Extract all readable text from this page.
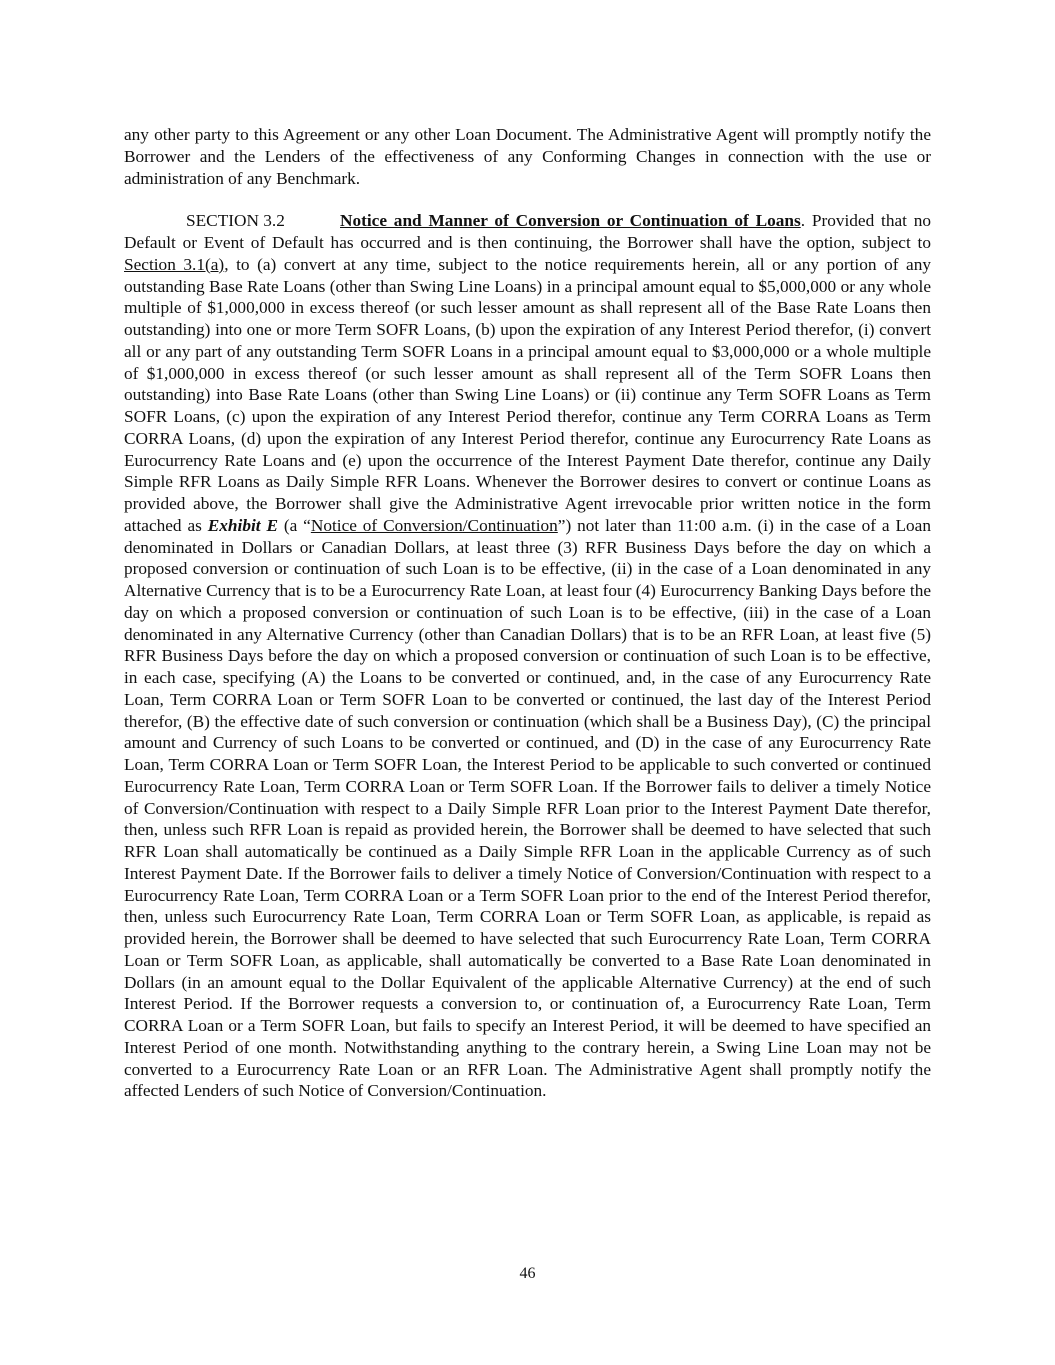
any other party to this Agreement or any other Loan Document. The Administrative Agent will promptly notify the Borrower and the Lenders of the effectiveness of any Conforming Changes in connection with the use or administration of any Benchmark.

SECTION 3.2	Notice and Manner of Conversion or Continuation of Loans. Provided that no Default or Event of Default has occurred and is then continuing, the Borrower shall have the option, subject to Section 3.1(a), to (a) convert at any time, subject to the notice requirements herein, all or any portion of any outstanding Base Rate Loans (other than Swing Line Loans) in a principal amount equal to $5,000,000 or any whole multiple of $1,000,000 in excess thereof (or such lesser amount as shall represent all of the Base Rate Loans then outstanding) into one or more Term SOFR Loans, (b) upon the expiration of any Interest Period therefor, (i) convert all or any part of any outstanding Term SOFR Loans in a principal amount equal to $3,000,000 or a whole multiple of $1,000,000 in excess thereof (or such lesser amount as shall represent all of the Term SOFR Loans then outstanding) into Base Rate Loans (other than Swing Line Loans) or (ii) continue any Term SOFR Loans as Term SOFR Loans, (c) upon the expiration of any Interest Period therefor, continue any Term CORRA Loans as Term CORRA Loans, (d) upon the expiration of any Interest Period therefor, continue any Eurocurrency Rate Loans as Eurocurrency Rate Loans and (e) upon the occurrence of the Interest Payment Date therefor, continue any Daily Simple RFR Loans as Daily Simple RFR Loans. Whenever the Borrower desires to convert or continue Loans as provided above, the Borrower shall give the Administrative Agent irrevocable prior written notice in the form attached as Exhibit E (a “Notice of Conversion/Continuation”) not later than 11:00 a.m. (i) in the case of a Loan denominated in Dollars or Canadian Dollars, at least three (3) RFR Business Days before the day on which a proposed conversion or continuation of such Loan is to be effective, (ii) in the case of a Loan denominated in any Alternative Currency that is to be a Eurocurrency Rate Loan, at least four (4) Eurocurrency Banking Days before the day on which a proposed conversion or continuation of such Loan is to be effective, (iii) in the case of a Loan denominated in any Alternative Currency (other than Canadian Dollars) that is to be an RFR Loan, at least five (5) RFR Business Days before the day on which a proposed conversion or continuation of such Loan is to be effective, in each case, specifying (A) the Loans to be converted or continued, and, in the case of any Eurocurrency Rate Loan, Term CORRA Loan or Term SOFR Loan to be converted or continued, the last day of the Interest Period therefor, (B) the effective date of such conversion or continuation (which shall be a Business Day), (C) the principal amount and Currency of such Loans to be converted or continued, and (D) in the case of any Eurocurrency Rate Loan, Term CORRA Loan or Term SOFR Loan, the Interest Period to be applicable to such converted or continued Eurocurrency Rate Loan, Term CORRA Loan or Term SOFR Loan. If the Borrower fails to deliver a timely Notice of Conversion/Continuation with respect to a Daily Simple RFR Loan prior to the Interest Payment Date therefor, then, unless such RFR Loan is repaid as provided herein, the Borrower shall be deemed to have selected that such RFR Loan shall automatically be continued as a Daily Simple RFR Loan in the applicable Currency as of such Interest Payment Date. If the Borrower fails to deliver a timely Notice of Conversion/Continuation with respect to a Eurocurrency Rate Loan, Term CORRA Loan or a Term SOFR Loan prior to the end of the Interest Period therefor, then, unless such Eurocurrency Rate Loan, Term CORRA Loan or Term SOFR Loan, as applicable, is repaid as provided herein, the Borrower shall be deemed to have selected that such Eurocurrency Rate Loan, Term CORRA Loan or Term SOFR Loan, as applicable, shall automatically be converted to a Base Rate Loan denominated in Dollars (in an amount equal to the Dollar Equivalent of the applicable Alternative Currency) at the end of such Interest Period. If the Borrower requests a conversion to, or continuation of, a Eurocurrency Rate Loan, Term CORRA Loan or a Term SOFR Loan, but fails to specify an Interest Period, it will be deemed to have specified an Interest Period of one month. Notwithstanding anything to the contrary herein, a Swing Line Loan may not be converted to a Eurocurrency Rate Loan or an RFR Loan. The Administrative Agent shall promptly notify the affected Lenders of such Notice of Conversion/Continuation.

46
